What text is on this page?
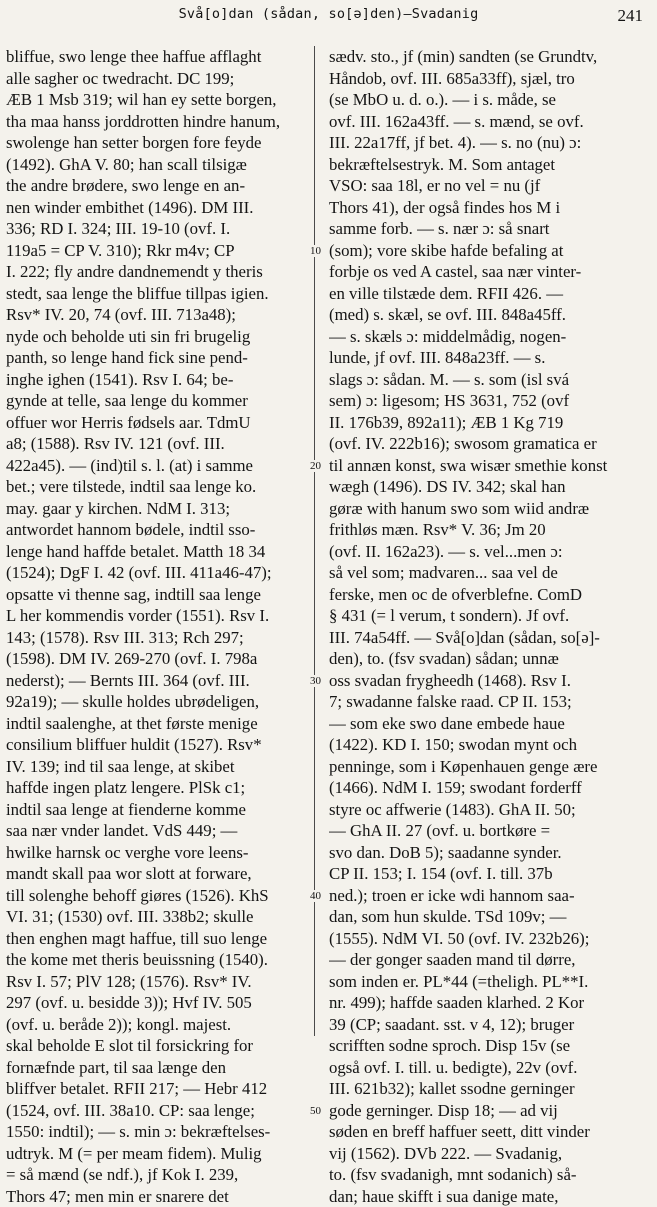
Svå[o]dan (sådan, so[ə]den)—Svadanig	241
bliffue, swo lenge thee haffue afflaght
alle sagher oc twedracht. DC 199;
ÆB 1 Msb 319; wil han ey sette borgen,
tha maa hanss jorddrotten hindre hanum,
swolenge han setter borgen fore feyde
(1492). GhA V. 80; han scall tilsigæ
the andre brødere, swo lenge en an-
nen winder embithet (1496). DM III.
336; RD I. 324; III. 19-10 (ovf. I.
119a5 = CP V. 310); Rkr m4v; CP
I. 222; fly andre dandnemendt y theris
stedt, saa lenge the bliffue tillpas igien.
Rsv* IV. 20, 74 (ovf. III. 713a48);
nyde och beholde uti sin fri brugelig
panth, so lenge hand fick sine pend-
inghe ighen (1541). Rsv I. 64; be-
gynde at telle, saa lenge du kommer
offuer wor Herris fødsels aar. TdmU
a8; (1588). Rsv IV. 121 (ovf. III.
422a45). — (ind)til s. l. (at) i samme
bet.; vere tilstede, indtil saa lenge ko.
may. gaar y kirchen. NdM I. 313;
antwordet hannom bødele, indtil sso-
lenge hand haffde betalet. Matth 18 34
(1524); DgF I. 42 (ovf. III. 411a46-47);
opsatte vi thenne sag, indtill saa lenge
L her kommendis vorder (1551). Rsv I.
143; (1578). Rsv III. 313; Rch 297;
(1598). DM IV. 269-270 (ovf. I. 798a
nederst); — Bernts III. 364 (ovf. III.
92a19); — skulle holdes ubrødeligen,
indtil saalenghe, at thet første menige
consilium bliffuer huldit (1527). Rsv*
IV. 139; ind til saa lenge, at skibet
haffde ingen platz lengere. PlSk c1;
indtil saa lenge at fienderne komme
saa nær vnder landet. VdS 449; —
hwilke harnsk oc verghe vore leens-
mandt skall paa wor slott at forware,
till solenghe behoff giøres (1526). KhS
VI. 31; (1530) ovf. III. 338b2; skulle
then enghen magt haffue, till suo lenge
the kome met theris beuissning (1540).
Rsv I. 57; PlV 128; (1576). Rsv* IV.
297 (ovf. u. besidde 3)); Hvf IV. 505
(ovf. u. beråde 2)); kongl. majest.
skal beholde E slot til forsickring for
fornæfnde part, til saa længe den
bliffver betalet. RFII 217; — Hebr 412
(1524, ovf. III. 38a10. CP: saa lenge;
1550: indtil); — s. min ɔ: bekræftelses-
udtryk. M (= per meam fidem). Mulig
= så mænd (se ndf.), jf Kok I. 239,
Thors 47; men min er snarere det
10
20
30
40
50
sædv. sto., jf (min) sandten (se Grundtv,
Håndob, ovf. III. 685a33ff), sjæl, tro
(se MbO u. d. o.). — i s. måde, se
ovf. III. 162a43ff. — s. mænd, se ovf.
III. 22a17ff, jf bet. 4). — s. no (nu) ɔ:
bekræftelsestryk. M. Som antaget
VSO: saa 18l, er no vel = nu (jf
Thors 41), der også findes hos M i
samme forb. — s. nær ɔ: så snart
(som); vore skibe hafde befaling at
forbje os ved A castel, saa nær vinter-
en ville tilstæde dem. RFII 426. —
(med) s. skæl, se ovf. III. 848a45ff.
— s. skæls ɔ: middelmådig, nogen-
lunde, jf ovf. III. 848a23ff. — s.
slags ɔ: sådan. M. — s. som (isl svá
sem) ɔ: ligesom; HS 3631, 752 (ovf
II. 176b39, 892a11); ÆB 1 Kg 719
(ovf. IV. 222b16); swosom gramatica er
til annæn konst, swa wisær smethie konst
wægh (1496). DS IV. 342; skal han
gøræ with hanum swo som wiid andræ
frithløs mæn. Rsv* V. 36; Jm 20
(ovf. II. 162a23). — s. vel...men ɔ:
så vel som; madvaren... saa vel de
ferske, men oc de ofverblefne. ComD
§ 431 (= l verum, t sondern). Jf ovf.
III. 74a54ff. — Svå[o]dan (sådan, so[ə]-
den), to. (fsv svadan) sådan; unnæ
oss svadan frygheedh (1468). Rsv I.
7; swadanne falske raad. CP II. 153;
— som eke swo dane embede haue
(1422). KD I. 150; swodan mynt och
penninge, som i Køpenhauen genge ære
(1466). NdM I. 159; swodant forderff
styre oc affwerie (1483). GhA II. 50;
— GhA II. 27 (ovf. u. bortkøre =
svo dan. DoB 5); saadanne synder.
CP II. 153; I. 154 (ovf. I. till. 37b
ned.); troen er icke wdi hannom saa-
dan, som hun skulde. TSd 109v; —
(1555). NdM VI. 50 (ovf. IV. 232b26);
— der gonger saaden mand til dørre,
som inden er. PL*44 (=theligh. PL**I.
nr. 499); haffde saaden klarhed. 2 Kor
39 (CP; saadant. sst. v 4, 12); bruger
scrifften sodne sproch. Disp 15v (se
også ovf. I. till. u. bedigte), 22v (ovf.
III. 621b32); kallet ssodne gerninger
gode gerninger. Disp 18; — ad vij
søden en breff haffuer seett, ditt vinder
vij (1562). DVb 222. — Svadanig,
to. (fsv svadanigh, mnt sodanich) så-
dan; haue skifft i sua danige mate,
